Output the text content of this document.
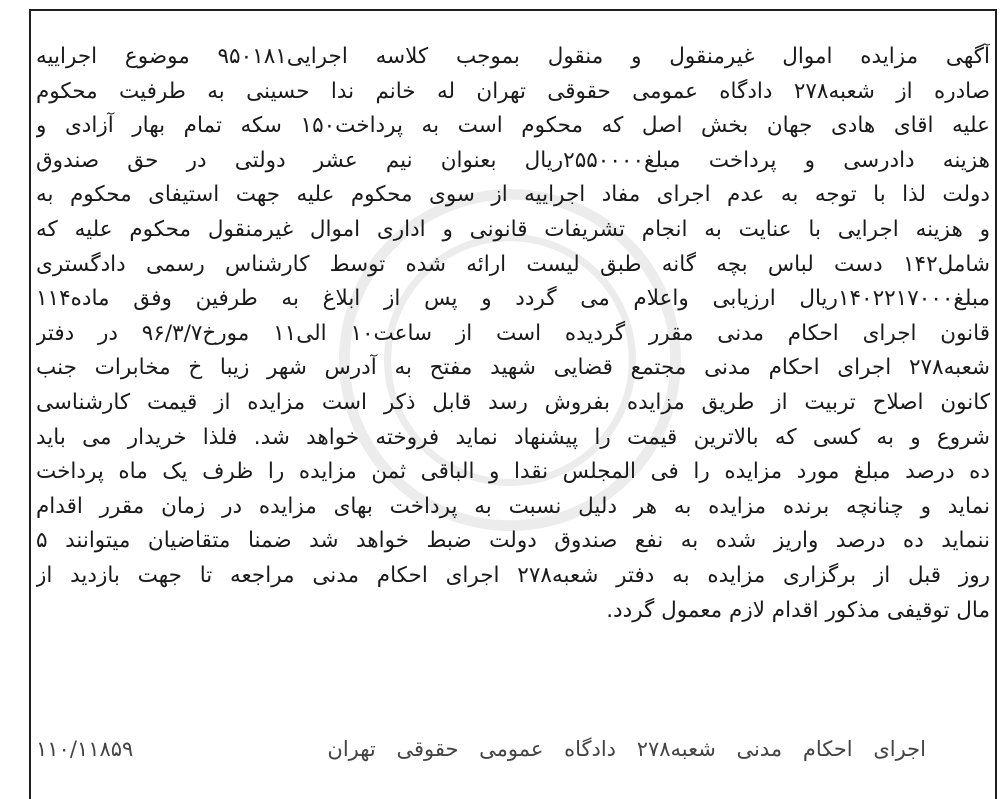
آگهی مزایده اموال غیرمنقول و منقول بموجب کلاسه اجرایی۹۵۰۱۸۱ موضوع اجراییه
صادره از شعبه۲۷۸ دادگاه عمومی حقوقی تهران له خانم ندا حسینی به طرفیت محکوم
علیه اقای هادی جهان بخش اصل که محکوم است به پرداخت۱۵۰ سکه تمام بهار آزادی و
هزینه دادرسی و پرداخت مبلغ۲۵۵۰۰۰۰ریال بعنوان نیم عشر دولتی در حق صندوق
دولت لذا با توجه به عدم اجرای مفاد اجراییه از سوی محکوم علیه جهت استیفای محکوم به
و هزینه اجرایی با عنایت به انجام تشریفات قانونی و اداری اموال غیرمنقول محکوم علیه که
شامل۱۴۲ دست لباس بچه گانه طبق لیست ارائه شده توسط کارشناس رسمی دادگستری
مبلغ۱۴۰۲۲۱۷۰۰۰ریال ارزیابی واعلام می گردد و پس از ابلاغ به طرفین وفق ماده۱۱۴
قانون اجرای احکام مدنی مقرر گردیده است از ساعت۱۰ الی۱۱ مورخ۹۶/۳/۷ در دفتر
شعبه۲۷۸ اجرای احکام مدنی مجتمع قضایی شهید مفتح به آدرس شهر زیبا خ مخابرات جنب
کانون اصلاح تربیت از طریق مزایده بفروش رسد قابل ذکر است مزایده از قیمت کارشناسی
شروع و به کسی که بالاترین قیمت را پیشنهاد نماید فروخته خواهد شد. فلذا خریدار می باید
ده درصد مبلغ مورد مزایده را فی المجلس نقدا و الباقی ثمن مزایده را ظرف یک ماه پرداخت
نماید و چنانچه برنده مزایده به هر دلیل نسبت به پرداخت بهای مزایده در زمان مقرر اقدام
ننماید ده درصد واریز شده به نفع صندوق دولت ضبط خواهد شد ضمنا متقاضیان میتوانند ۵
روز قبل از برگزاری مزایده به دفتر شعبه۲۷۸ اجرای احکام مدنی مراجعه تا جهت بازدید از
مال توقیفی مذکور اقدام لازم معمول گردد.
اجرای احکام مدنی شعبه۲۷۸ دادگاه عمومی حقوقی تهران
۱۱۰/۱۱۸۵۹
